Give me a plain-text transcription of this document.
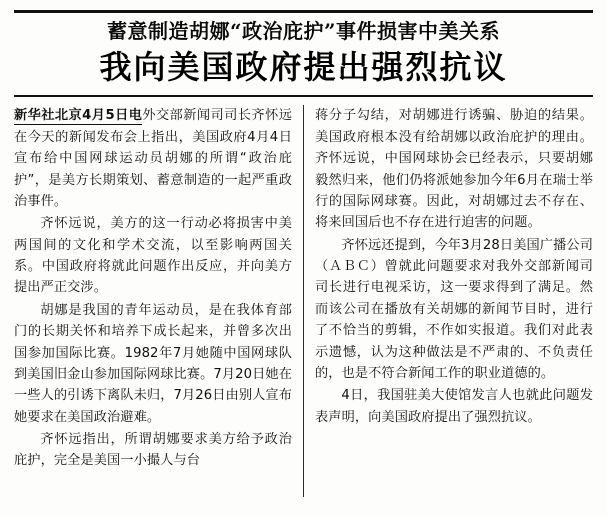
蓄意制造胡娜“政治庇护”事件损害中美关系
我向美国政府提出强烈抗议

新华社北京4月5日电外交部新闻司司长齐怀远在今天的新闻发布会上指出，美国政府4月4日宣布给中国网球运动员胡娜的所谓“政治庇护”，是美方长期策划、蓄意制造的一起严重政治事件。

齐怀远说，美方的这一行动必将损害中美两国间的文化和学术交流，以至影响两国关系。中国政府将就此问题作出反应，并向美方提出严正交涉。

胡娜是我国的青年运动员，是在我体育部门的长期关怀和培养下成长起来，并曾多次出国参加国际比赛。1982年7月她随中国网球队到美国旧金山参加国际网球比赛。7月20日她在一些人的引诱下离队未归，7月26日由别人宣布她要求在美国政治避难。

齐怀远指出，所谓胡娜要求美方给予政治庇护，完全是美国一小撮人与台

蒋分子勾结，对胡娜进行诱骗、胁迫的结果。美国政府根本没有给胡娜以政治庇护的理由。齐怀远说，中国网球协会已经表示，只要胡娜毅然归来，他们仍将派她参加今年6月在瑞士举行的国际网球赛。因此，对胡娜过去不存在、将来回国后也不存在进行迫害的问题。

齐怀远还提到，今年3月28日美国广播公司（ＡＢＣ）曾就此问题要求对我外交部新闻司司长进行电视采访，这一要求得到了满足。然而该公司在播放有关胡娜的新闻节目时，进行了不恰当的剪辑，不作如实报道。我们对此表示遗憾，认为这种做法是不严肃的、不负责任的，也是不符合新闻工作的职业道德的。

4日，我国驻美大使馆发言人也就此问题发表声明，向美国政府提出了强烈抗议。
